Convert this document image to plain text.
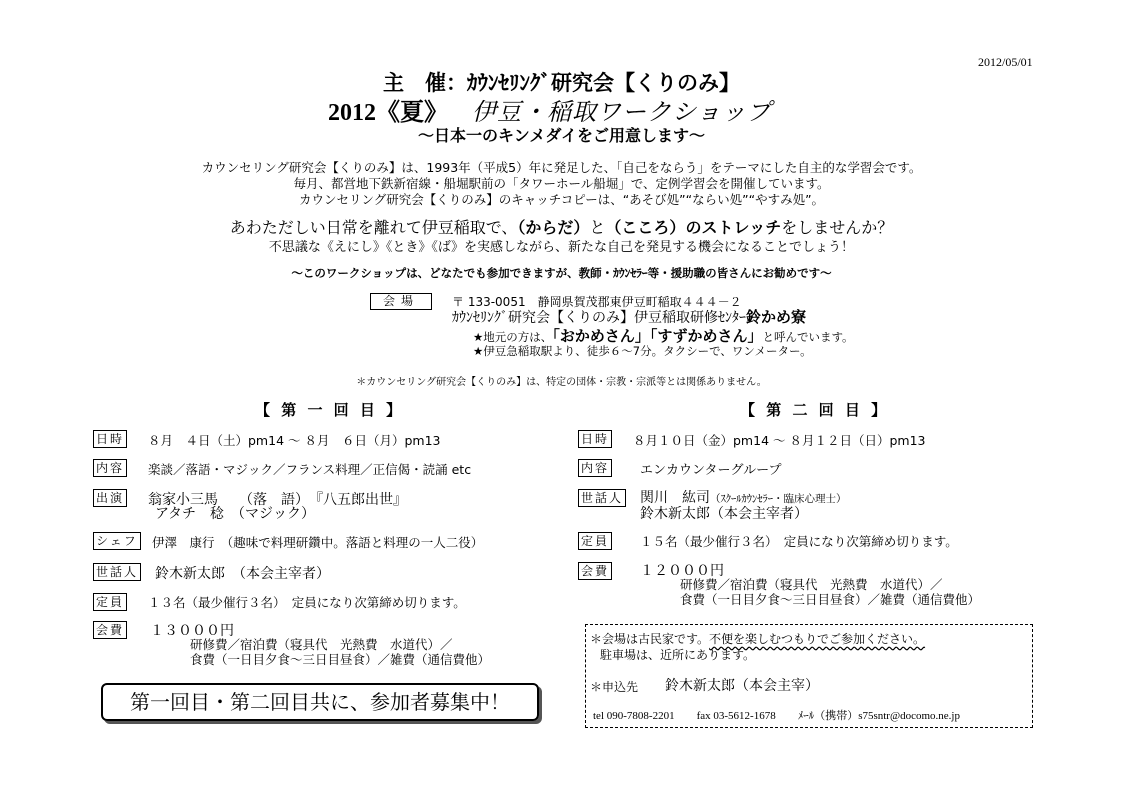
2012/05/01
主　催：ｶｳﾝｾﾘﾝｸﾞ研究会【くりのみ】
2012《夏》 伊豆・稲取ワークショップ
～日本一のキンメダイをご用意します～
カウンセリング研究会【くりのみ】は、1993年（平成5）年に発足した、「自己をならう」をテーマにした自主的な学習会です。
毎月、都営地下鉄新宿線・船堀駅前の「タワーホール船堀」で、定例学習会を開催しています。
カウンセリング研究会【くりのみ】のキャッチコピーは、“あそび処”“ならい処”“やすみ処”。
あわただしい日常を離れて伊豆稲取で、（からだ）と（こころ）のストレッチをしませんか？
不思議な《えにし》《とき》《ば》を実感しながら、新たな自己を発見する機会になることでしょう！
～このワークショップは、どなたでも参加できますが、教師・ｶｳﾝｾﾗｰ等・援助職の皆さんにお勧めです～
会場	〒 133-0051　静岡県賀茂郡東伊豆町稲取４４４－２
ｶｳﾝｾﾘﾝｸﾞ研究会【くりのみ】伊豆稲取研修ｾﾝﾀｰ鈴かめ寮
★地元の方は、「おかめさん」「すずかめさん」と呼んでいます。
★伊豆急稲取駅より、徒歩６～7分。タクシーで、ワンメーター。
＊カウンセリング研究会【くりのみ】は、特定の団体・宗教・宗派等とは関係ありません。
【 第 一 回 目 】
日時 ８月　４日（土）pm14 ～ ８月　６日（月）pm13
内容 楽談／落語・マジック／フランス料理／正信偈・読誦 etc
出演 翁家小三馬　　（落　語）　『八五郎出世』
アタチ　稔　（マジック）
シェフ 伊澤　康行　（趣味で料理研鑽中。落語と料理の一人二役）
世話人 鈴木新太郎　（本会主宰者）
定員 １３名（最少催行３名）　定員になり次第締め切ります。
会費 １３０００円
研修費／宿泊費（寝具代　光熱費　水道代）／
食費（一日目夕食～三日目昼食）／雑費（通信費他）
第一回目・第二回目共に、参加者募集中！
【 第 二 回 目 】
日時 ８月１０日（金）pm14 ～ ８月１２日（日）pm13
内容 エンカウンターグループ
世話人 関川　紘司（ｽｸｰﾙｶｳﾝｾﾗｰ・臨床心理士）
鈴木新太郎（本会主宰者）
定員 １５名（最少催行３名）　定員になり次第締め切ります。
会費 １２０００円
研修費／宿泊費（寝具代　光熱費　水道代）／
食費（一日目夕食～三日目昼食）／雑費（通信費他）
＊会場は古民家です。不便を楽しむつもりでご参加ください。
駐車場は、近所にあります。
＊申込先 鈴木新太郎（本会主宰）
tel 090-7808-2201　　fax 03-5612-1678　　ﾒｰﾙ（携帯）s75sntr@docomo.ne.jp
